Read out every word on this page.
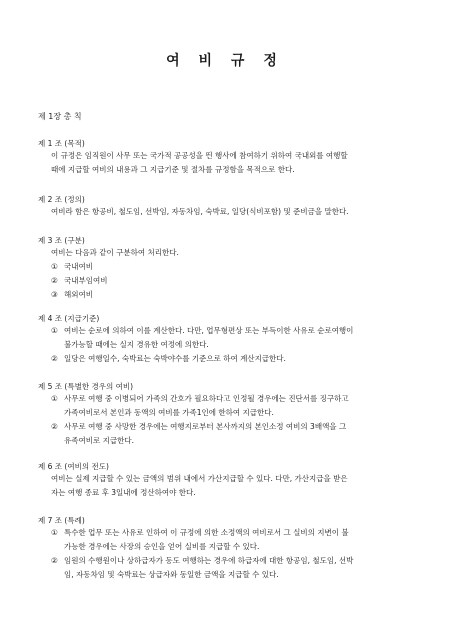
여 비 규 정
제 1장 총 칙
제 1 조 (목적)
이 규정은 임직원이 사무 또는 국가적 공공성을 띈 행사에 참여하기 위하여 국내외를 여행할
때에 지급할 여비의 내용과 그 지급기준 및 절차를 규정함을 목적으로 한다.
제 2 조 (정의)
여비라 함은 항공비, 철도임, 선박임, 자동차임, 숙박료, 일당(식비포함) 및 준비금을 말한다.
제 3 조 (구분)
여비는 다음과 같이 구분하여 처리한다.
① 국내여비
② 국내부임여비
③ 해외여비
제 4 조 (지급기준)
① 여비는 순로에 의하여 이를 계산한다. 다만, 업무형편상 또는 부득이한 사유로 순로여행이
불가능할 때에는 실지 경유한 여정에 의한다.
② 일당은 여행일수, 숙박료는 숙박야수를 기준으로 하여 계산지급한다.
제 5 조 (특별한 경우의 여비)
① 사무로 여행 중 이병되어 가족의 간호가 필요하다고 인정될 경우에는 진단서를 징구하고
가족여비로서 본인과 동액의 여비를 가족1인에 한하여 지급한다.
② 사무로 여행 중 사망한 경우에는 여행지로부터 본사까지의 본인소정 여비의 3배액을 그
유족여비로 지급한다.
제 6 조 (여비의 전도)
여비는 실제 지급할 수 있는 금액의 범위 내에서 가산지급할 수 있다. 다만, 가산지급을 받은
자는 여행 종료 후 3일내에 정산하여야 한다.
제 7 조 (특례)
① 특수한 업무 또는 사유로 인하여 이 규정에 의한 소정액의 여비로서 그 실비의 지변이 불
가능한 경우에는 사장의 승인을 얻어 실비를 지급할 수 있다.
② 임원의 수행원이나 상하급자가 동도 여행하는 경우에 하급자에 대한 항공임, 철도임, 선박
임, 자동차임 및 숙박료는 상급자와 동일한 금액을 지급할 수 있다.
